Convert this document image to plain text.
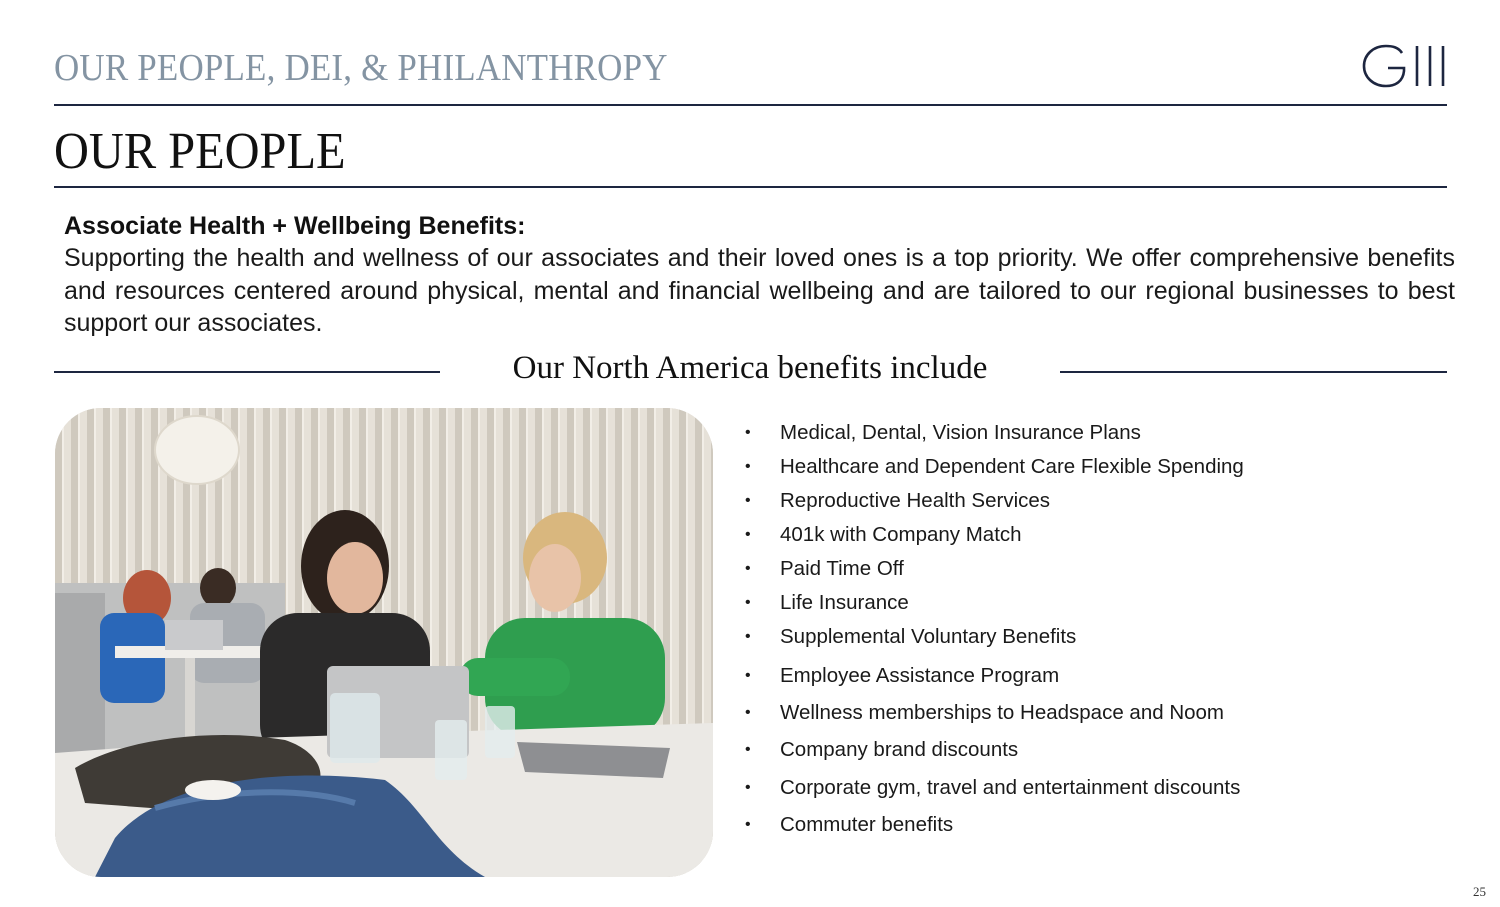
OUR PEOPLE, DEI, & PHILANTHROPY
OUR PEOPLE
Associate Health + Wellbeing Benefits:
Supporting the health and wellness of our associates and their loved ones is a top priority. We offer comprehensive benefits and resources centered around physical, mental and financial wellbeing and are tailored to our regional businesses to best support our associates.
Our North America benefits include
• Medical, Dental, Vision Insurance Plans
• Healthcare and Dependent Care Flexible Spending
• Reproductive Health Services
• 401k with Company Match
• Paid Time Off
• Life Insurance
• Supplemental Voluntary Benefits
• Employee Assistance Program
• Wellness memberships to Headspace and Noom
• Company brand discounts
• Corporate gym, travel and entertainment discounts
• Commuter benefits
25
